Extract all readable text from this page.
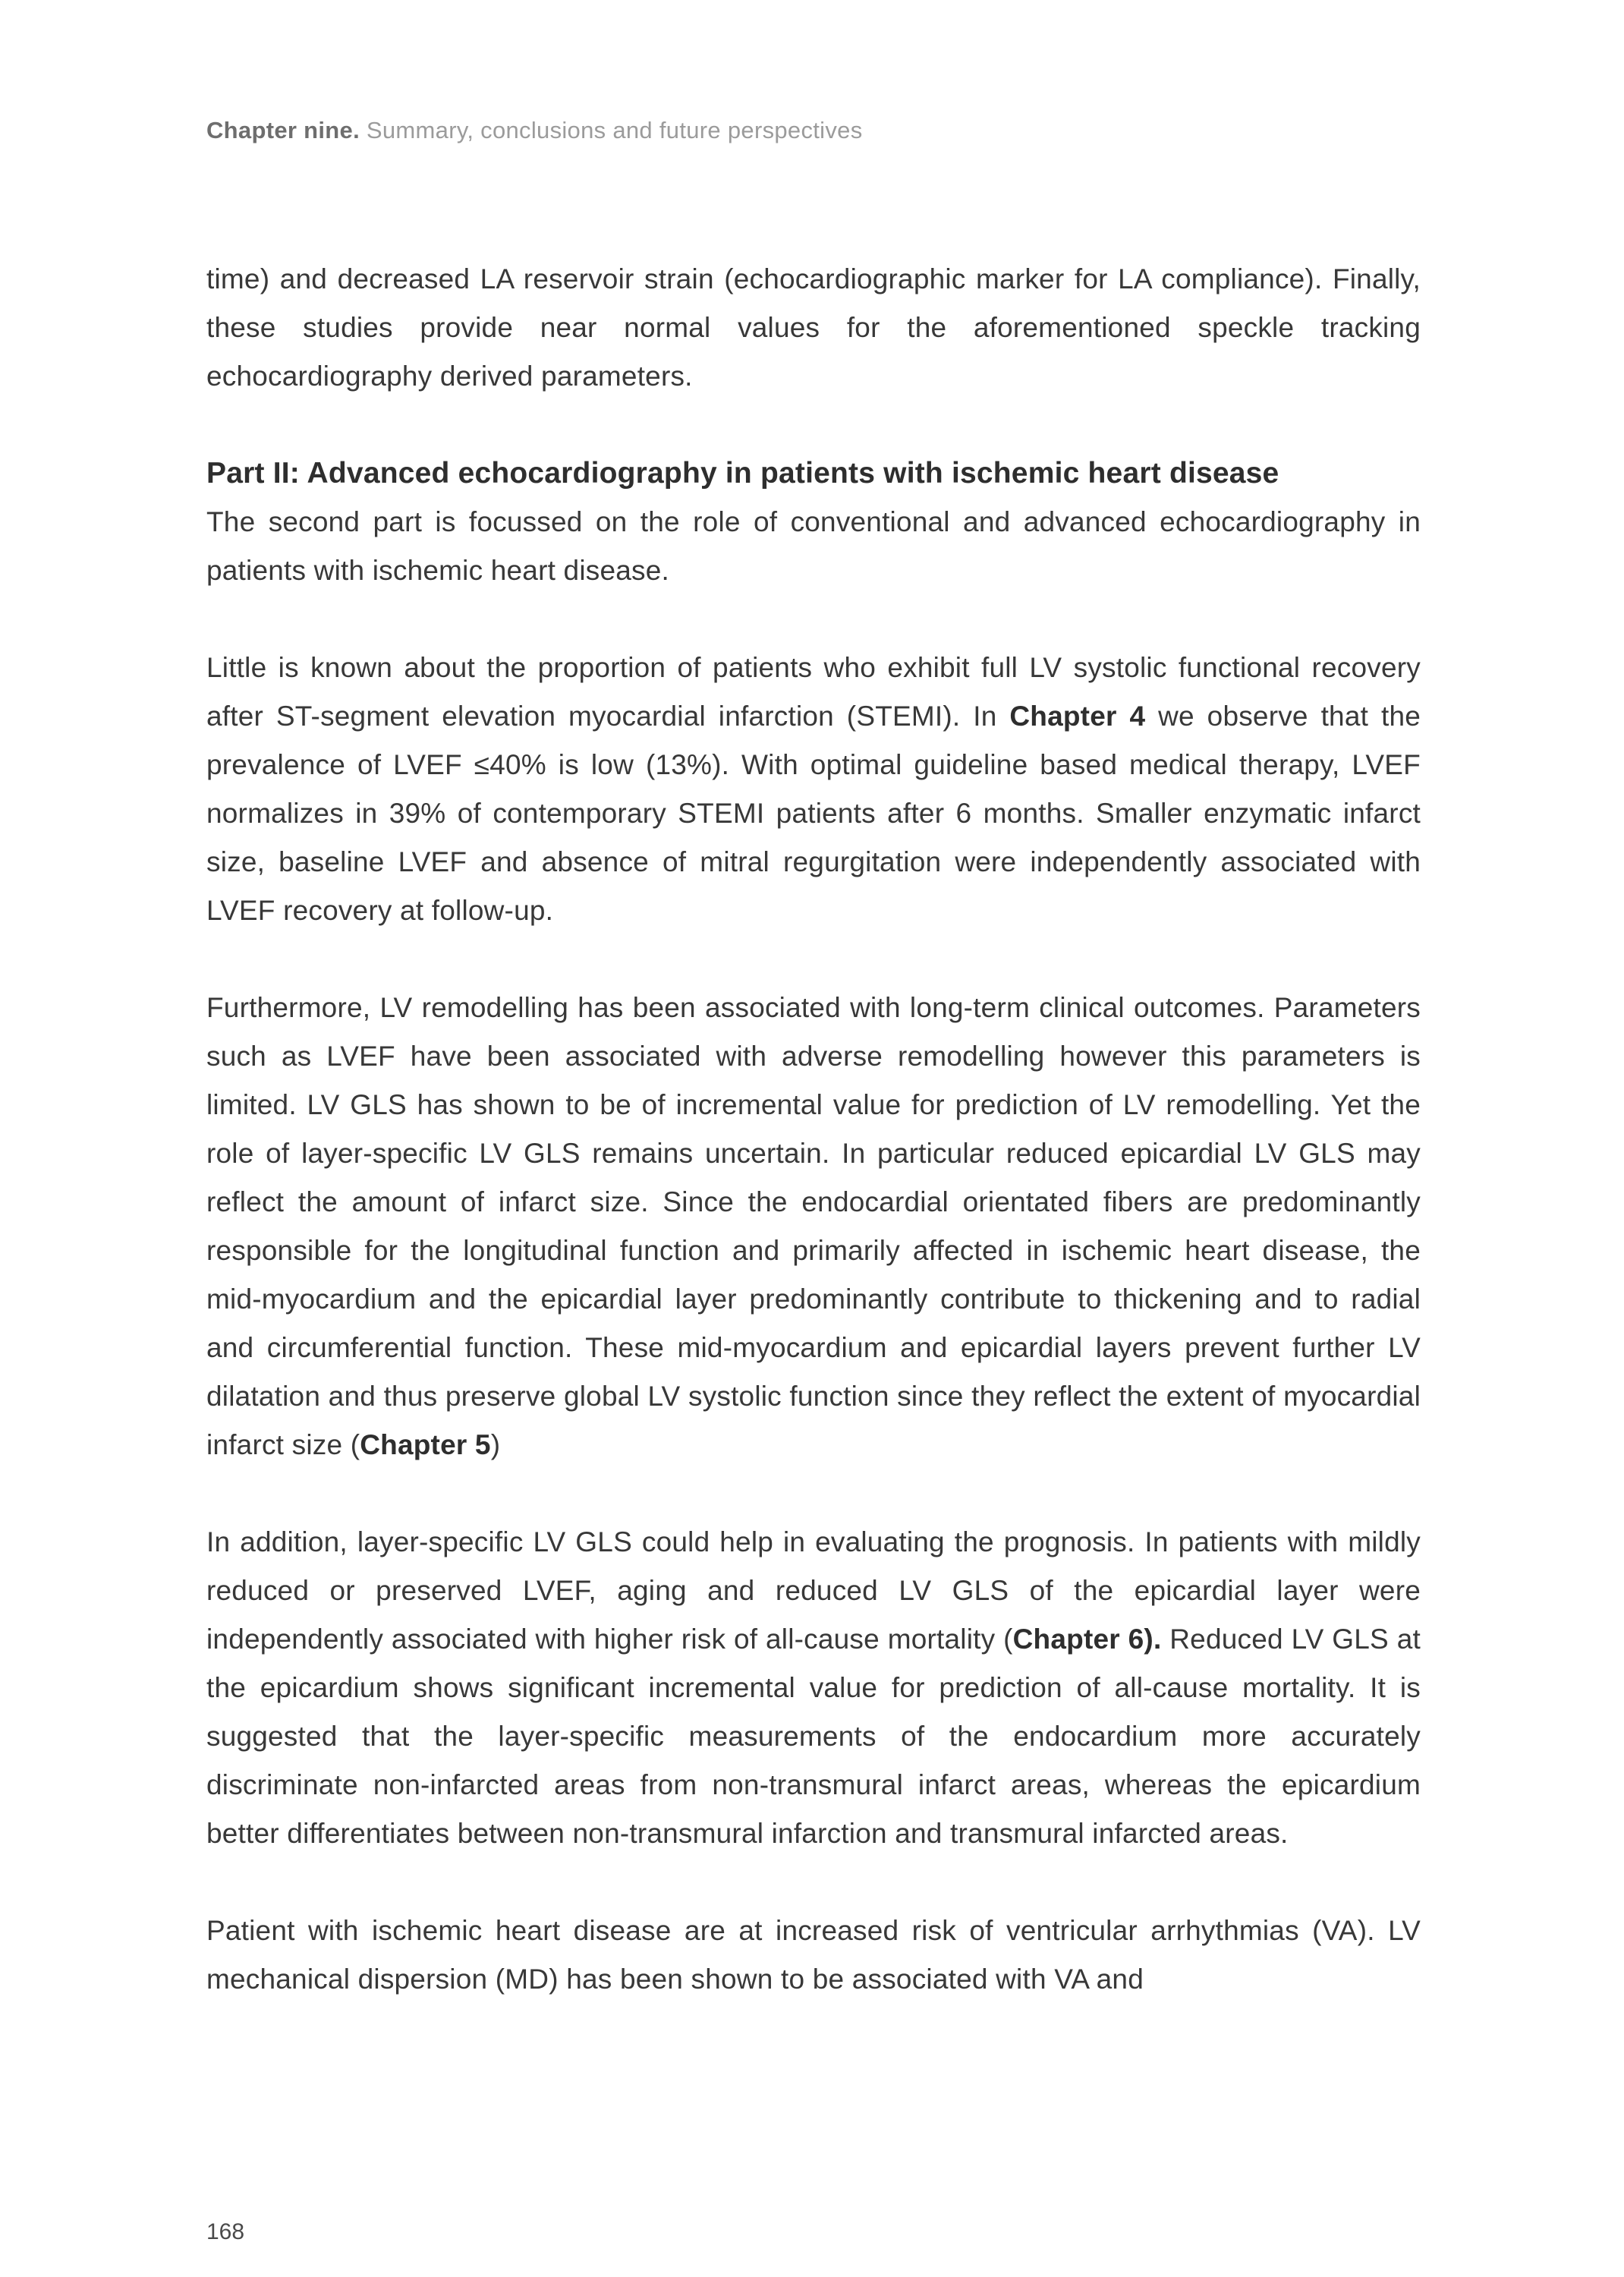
Chapter nine. Summary, conclusions and future perspectives

time) and decreased LA reservoir strain (echocardiographic marker for LA compliance). Finally, these studies provide near normal values for the aforementioned speckle tracking echocardiography derived parameters.

Part II: Advanced echocardiography in patients with ischemic heart disease

The second part is focussed on the role of conventional and advanced echocardiography in patients with ischemic heart disease.

Little is known about the proportion of patients who exhibit full LV systolic functional recovery after ST-segment elevation myocardial infarction (STEMI). In Chapter 4 we observe that the prevalence of LVEF ≤40% is low (13%). With optimal guideline based medical therapy, LVEF normalizes in 39% of contemporary STEMI patients after 6 months. Smaller enzymatic infarct size, baseline LVEF and absence of mitral regurgitation were independently associated with LVEF recovery at follow-up.

Furthermore, LV remodelling has been associated with long-term clinical outcomes. Parameters such as LVEF have been associated with adverse remodelling however this parameters is limited. LV GLS has shown to be of incremental value for prediction of LV remodelling. Yet the role of layer-specific LV GLS remains uncertain. In particular reduced epicardial LV GLS may reflect the amount of infarct size. Since the endocardial orientated fibers are predominantly responsible for the longitudinal function and primarily affected in ischemic heart disease, the mid-myocardium and the epicardial layer predominantly contribute to thickening and to radial and circumferential function. These mid-myocardium and epicardial layers prevent further LV dilatation and thus preserve global LV systolic function since they reflect the extent of myocardial infarct size (Chapter 5)

In addition, layer-specific LV GLS could help in evaluating the prognosis. In patients with mildly reduced or preserved LVEF, aging and reduced LV GLS of the epicardial layer were independently associated with higher risk of all-cause mortality (Chapter 6). Reduced LV GLS at the epicardium shows significant incremental value for prediction of all-cause mortality. It is suggested that the layer-specific measurements of the endocardium more accurately discriminate non-infarcted areas from non-transmural infarct areas, whereas the epicardium better differentiates between non-transmural infarction and transmural infarcted areas.

Patient with ischemic heart disease are at increased risk of ventricular arrhythmias (VA). LV mechanical dispersion (MD) has been shown to be associated with VA and

168
